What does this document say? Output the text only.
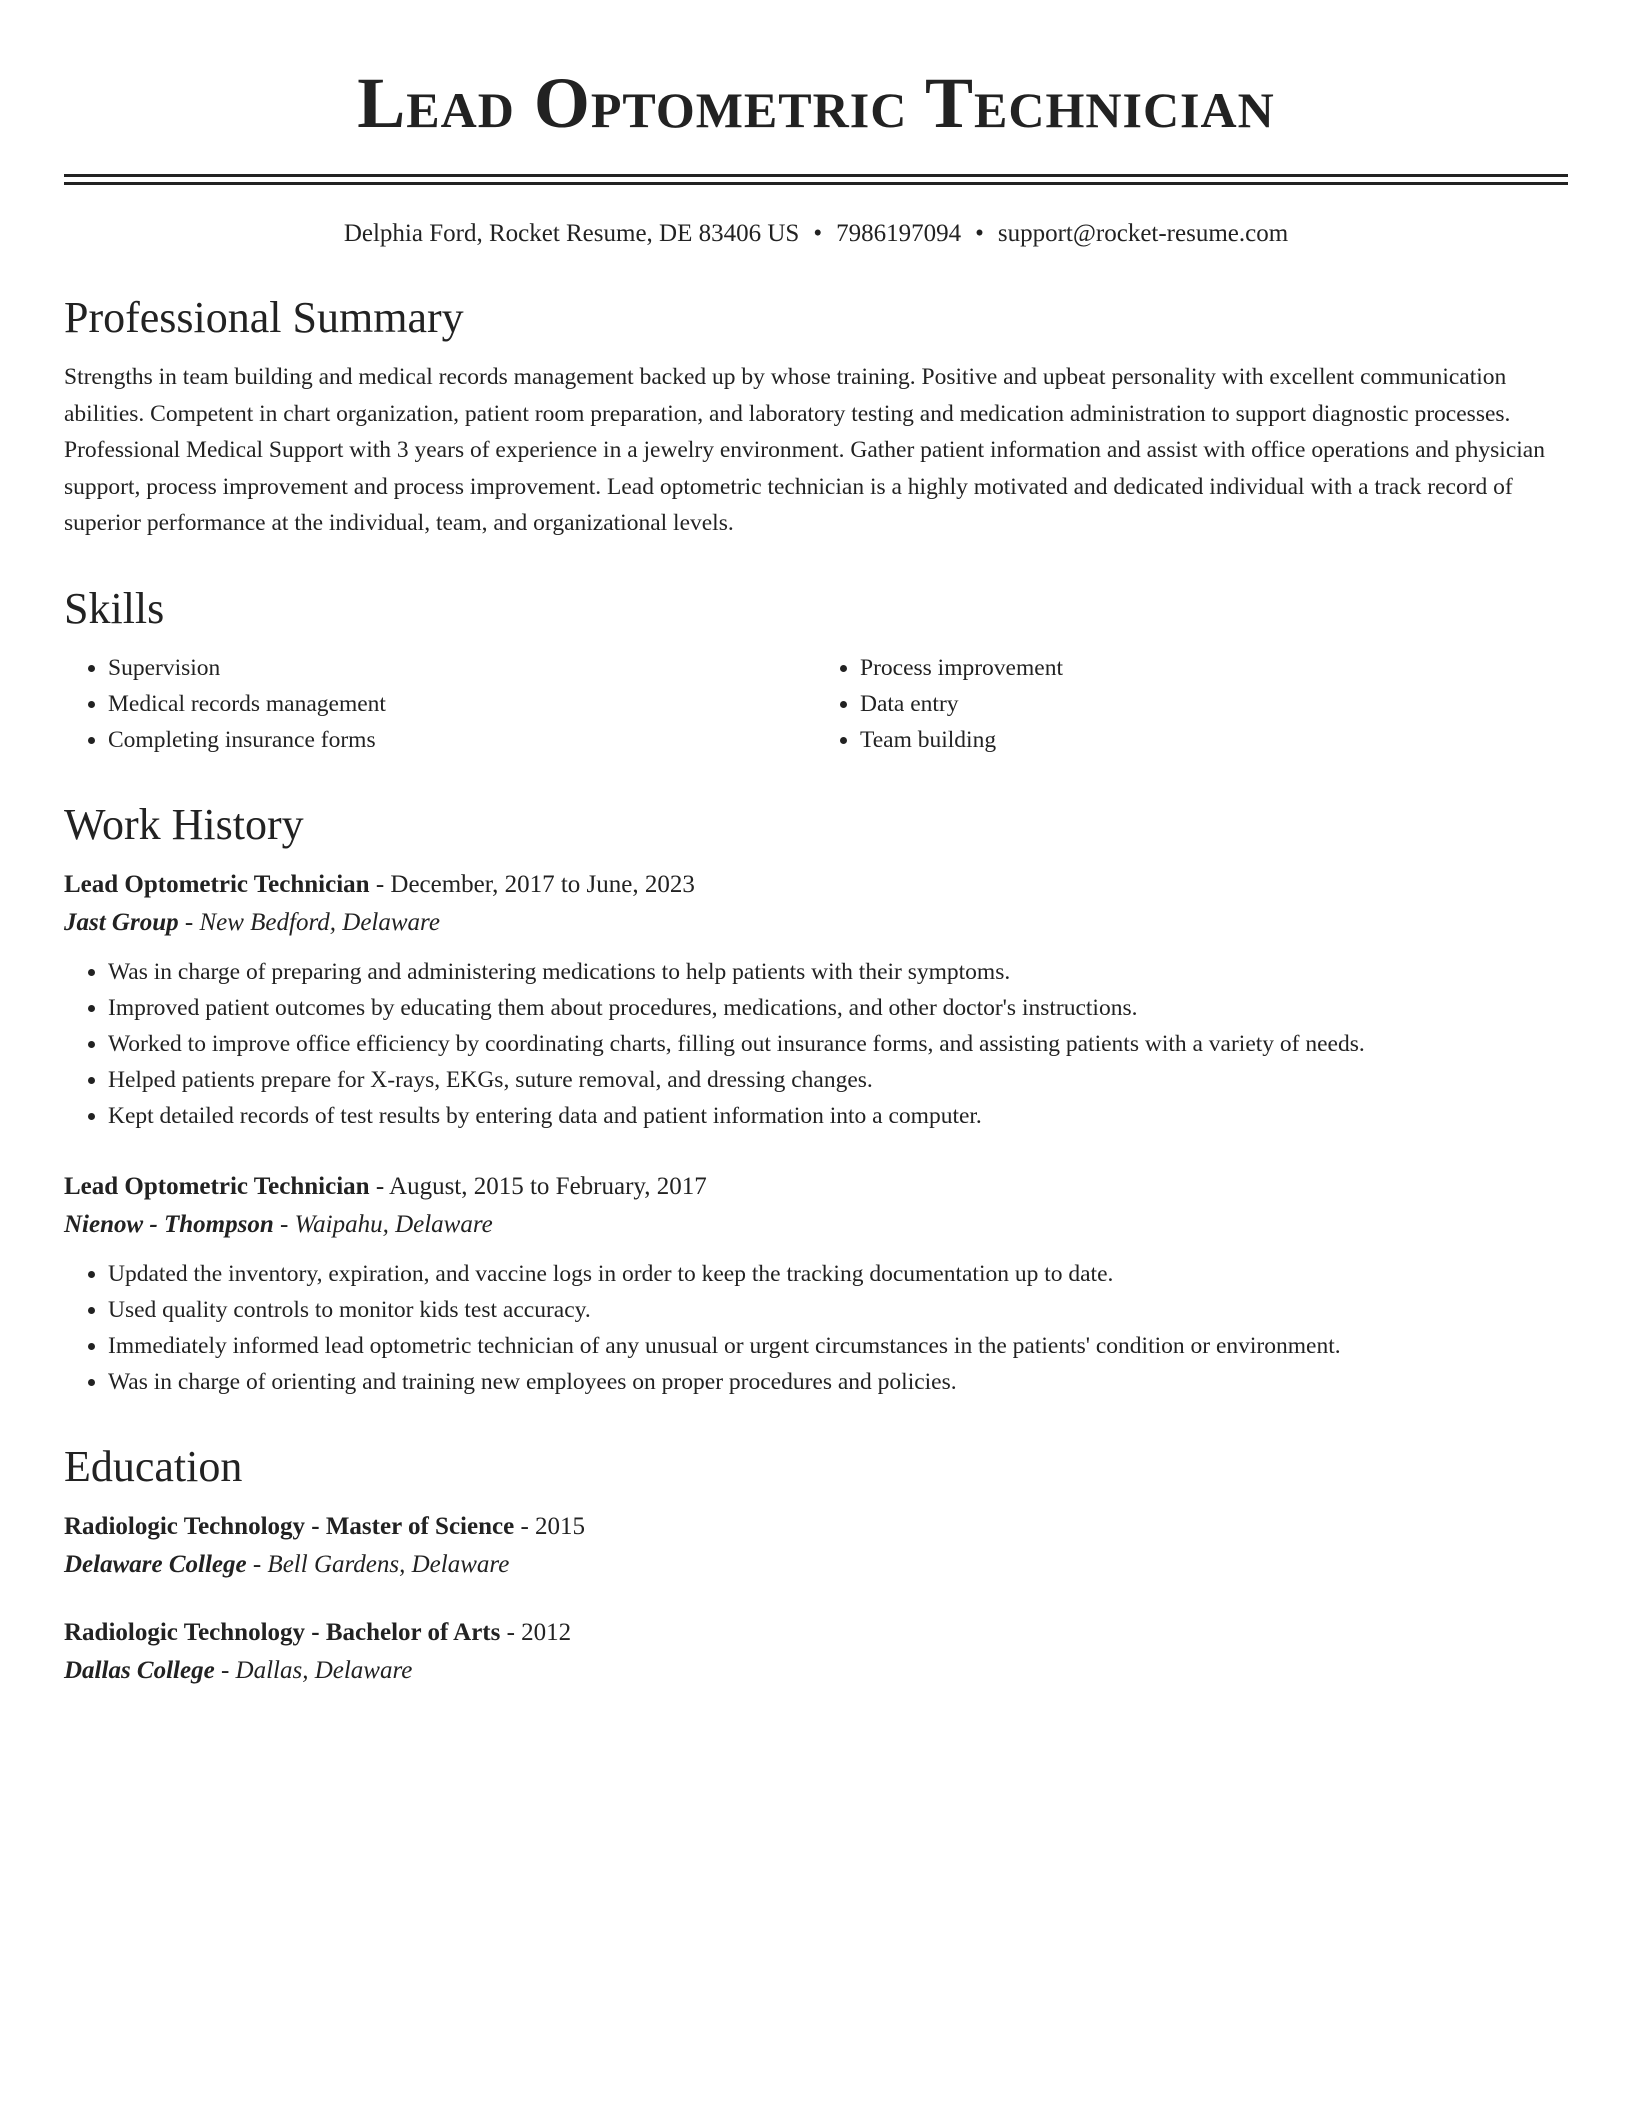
Lead Optometric Technician
Delphia Ford, Rocket Resume, DE 83406 US • 7986197094 • support@rocket-resume.com
Professional Summary

Strengths in team building and medical records management backed up by whose training. Positive and upbeat personality with excellent communication abilities. Competent in chart organization, patient room preparation, and laboratory testing and medication administration to support diagnostic processes. Professional Medical Support with 3 years of experience in a jewelry environment. Gather patient information and assist with office operations and physician support, process improvement and process improvement. Lead optometric technician is a highly motivated and dedicated individual with a track record of superior performance at the individual, team, and organizational levels.

Skills
• Supervision
• Medical records management
• Completing insurance forms
• Process improvement
• Data entry
• Team building
Work History
Lead Optometric Technician - December, 2017 to June, 2023
Jast Group - New Bedford, Delaware
• Was in charge of preparing and administering medications to help patients with their symptoms.
• Improved patient outcomes by educating them about procedures, medications, and other doctor's instructions.
• Worked to improve office efficiency by coordinating charts, filling out insurance forms, and assisting patients with a variety of needs.
• Helped patients prepare for X-rays, EKGs, suture removal, and dressing changes.
• Kept detailed records of test results by entering data and patient information into a computer.
Lead Optometric Technician - August, 2015 to February, 2017
Nienow - Thompson - Waipahu, Delaware
• Updated the inventory, expiration, and vaccine logs in order to keep the tracking documentation up to date.
• Used quality controls to monitor kids test accuracy.
• Immediately informed lead optometric technician of any unusual or urgent circumstances in the patients' condition or environment.
• Was in charge of orienting and training new employees on proper procedures and policies.
Education
Radiologic Technology - Master of Science - 2015
Delaware College - Bell Gardens, Delaware
Radiologic Technology - Bachelor of Arts - 2012
Dallas College - Dallas, Delaware
